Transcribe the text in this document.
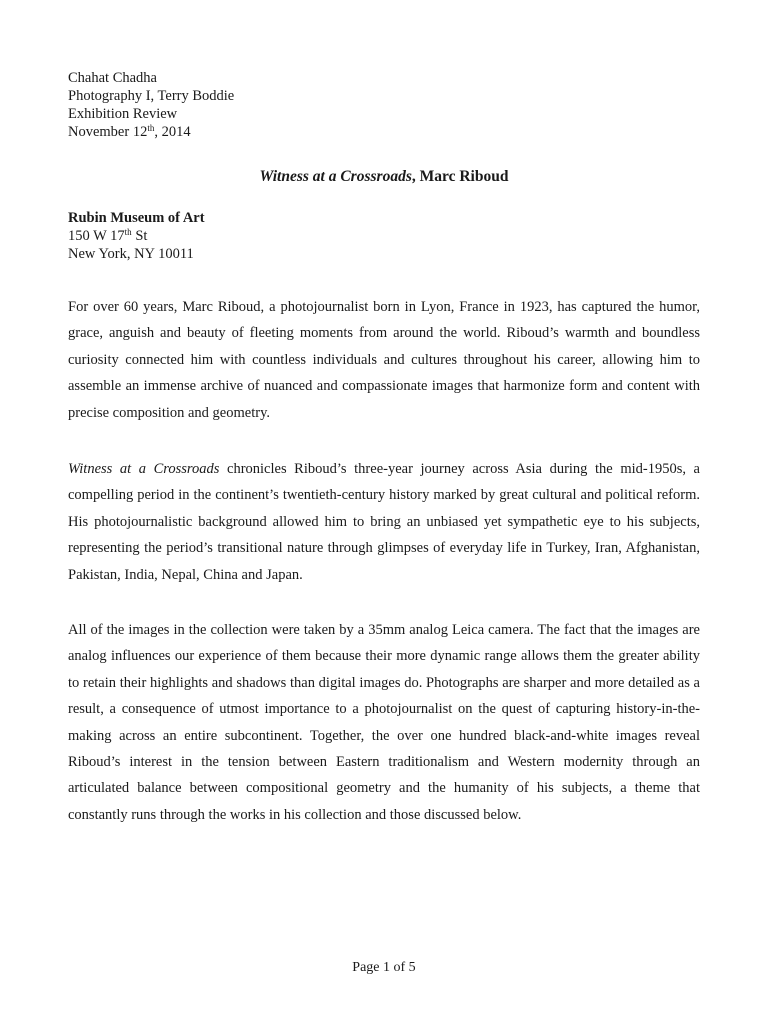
Chahat Chadha
Photography I, Terry Boddie
Exhibition Review
November 12th, 2014
Witness at a Crossroads, Marc Riboud
Rubin Museum of Art
150 W 17th St
New York, NY 10011

For over 60 years, Marc Riboud, a photojournalist born in Lyon, France in 1923, has captured the humor, grace, anguish and beauty of fleeting moments from around the world. Riboud’s warmth and boundless curiosity connected him with countless individuals and cultures throughout his career, allowing him to assemble an immense archive of nuanced and compassionate images that harmonize form and content with precise composition and geometry.

Witness at a Crossroads chronicles Riboud’s three-year journey across Asia during the mid-1950s, a compelling period in the continent’s twentieth-century history marked by great cultural and political reform. His photojournalistic background allowed him to bring an unbiased yet sympathetic eye to his subjects, representing the period’s transitional nature through glimpses of everyday life in Turkey, Iran, Afghanistan, Pakistan, India, Nepal, China and Japan.

All of the images in the collection were taken by a 35mm analog Leica camera. The fact that the images are analog influences our experience of them because their more dynamic range allows them the greater ability to retain their highlights and shadows than digital images do. Photographs are sharper and more detailed as a result, a consequence of utmost importance to a photojournalist on the quest of capturing history-in-the-making across an entire subcontinent. Together, the over one hundred black-and-white images reveal Riboud’s interest in the tension between Eastern traditionalism and Western modernity through an articulated balance between compositional geometry and the humanity of his subjects, a theme that constantly runs through the works in his collection and those discussed below.

Page 1 of 5
